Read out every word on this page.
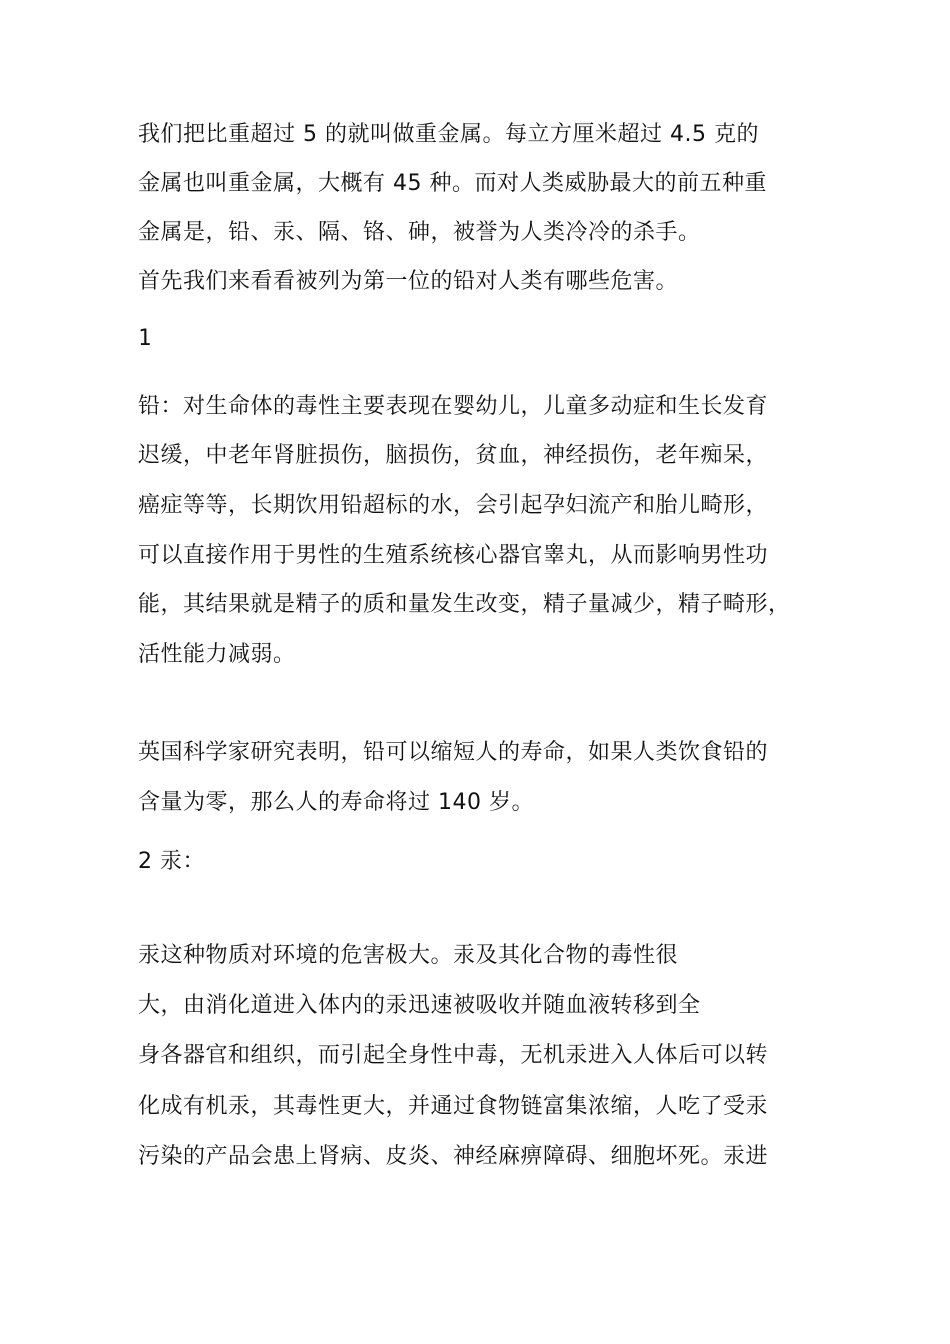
我们把比重超过 5 的就叫做重金属。每立方厘米超过 4.5 克的
金属也叫重金属，大概有 45 种。而对人类威胁最大的前五种重
金属是，铅、汞、隔、铬、砷，被誉为人类冷冷的杀手。
首先我们来看看被列为第一位的铅对人类有哪些危害。
1
铅：对生命体的毒性主要表现在婴幼儿，儿童多动症和生长发育
迟缓，中老年肾脏损伤，脑损伤，贫血，神经损伤，老年痴呆，
癌症等等，长期饮用铅超标的水，会引起孕妇流产和胎儿畸形，
可以直接作用于男性的生殖系统核心器官睾丸，从而影响男性功
能，其结果就是精子的质和量发生改变，精子量减少，精子畸形，
活性能力减弱。
英国科学家研究表明，铅可以缩短人的寿命，如果人类饮食铅的
含量为零，那么人的寿命将过 140 岁。
2 汞：
汞这种物质对环境的危害极大。汞及其化合物的毒性很
大，由消化道进入体内的汞迅速被吸收并随血液转移到全
身各器官和组织，而引起全身性中毒，无机汞进入人体后可以转
化成有机汞，其毒性更大，并通过食物链富集浓缩，人吃了受汞
污染的产品会患上肾病、皮炎、神经麻痹障碍、细胞坏死。汞进
